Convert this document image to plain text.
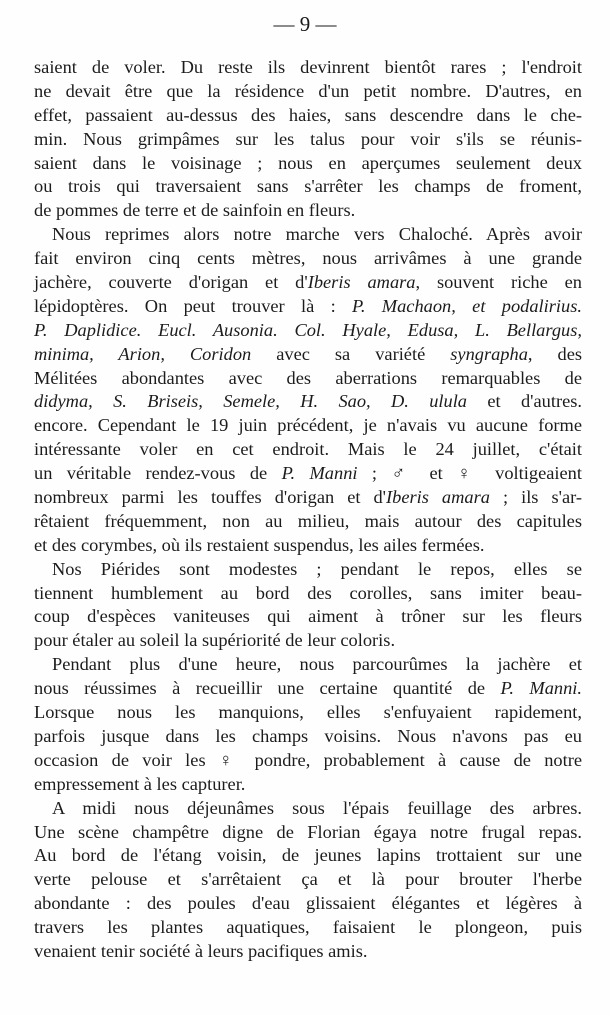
— 9 —
saient de voler. Du reste ils devinrent bientôt rares ; l'endroit
ne devait être que la résidence d'un petit nombre. D'autres, en
effet, passaient au-dessus des haies, sans descendre dans le che-
min. Nous grimpâmes sur les talus pour voir s'ils se réunis-
saient dans le voisinage ; nous en aperçumes seulement deux
ou trois qui traversaient sans s'arrêter les champs de froment,
de pommes de terre et de sainfoin en fleurs.
Nous reprimes alors notre marche vers Chaloché. Après avoir
fait environ cinq cents mètres, nous arrivâmes à une grande
jachère, couverte d'origan et d'Iberis amara, souvent riche en
lépidoptères. On peut trouver là : P. Machaon, et podalirius.
P. Daplidice. Eucl. Ausonia. Col. Hyale, Edusa, L. Bellargus,
minima, Arion, Coridon avec sa variété syngrapha, des
Mélitées abondantes avec des aberrations remarquables de
didyma, S. Briseis, Semele, H. Sao, D. ulula et d'autres.
encore. Cependant le 19 juin précédent, je n'avais vu aucune forme
intéressante voler en cet endroit. Mais le 24 juillet, c'était
un véritable rendez-vous de P. Manni ; ♂ et ♀ voltigeaient
nombreux parmi les touffes d'origan et d'Iberis amara ; ils s'ar-
rêtaient fréquemment, non au milieu, mais autour des capitules
et des corymbes, où ils restaient suspendus, les ailes fermées.
Nos Piérides sont modestes ; pendant le repos, elles se
tiennent humblement au bord des corolles, sans imiter beau-
coup d'espèces vaniteuses qui aiment à trôner sur les fleurs
pour étaler au soleil la supériorité de leur coloris.
Pendant plus d'une heure, nous parcourûmes la jachère et
nous réussimes à recueillir une certaine quantité de P. Manni.
Lorsque nous les manquions, elles s'enfuyaient rapidement,
parfois jusque dans les champs voisins. Nous n'avons pas eu
occasion de voir les ♀ pondre, probablement à cause de notre
empressement à les capturer.
A midi nous déjeunâmes sous l'épais feuillage des arbres.
Une scène champêtre digne de Florian égaya notre frugal repas.
Au bord de l'étang voisin, de jeunes lapins trottaient sur une
verte pelouse et s'arrêtaient ça et là pour brouter l'herbe
abondante : des poules d'eau glissaient élégantes et légères à
travers les plantes aquatiques, faisaient le plongeon, puis
venaient tenir société à leurs pacifiques amis.
